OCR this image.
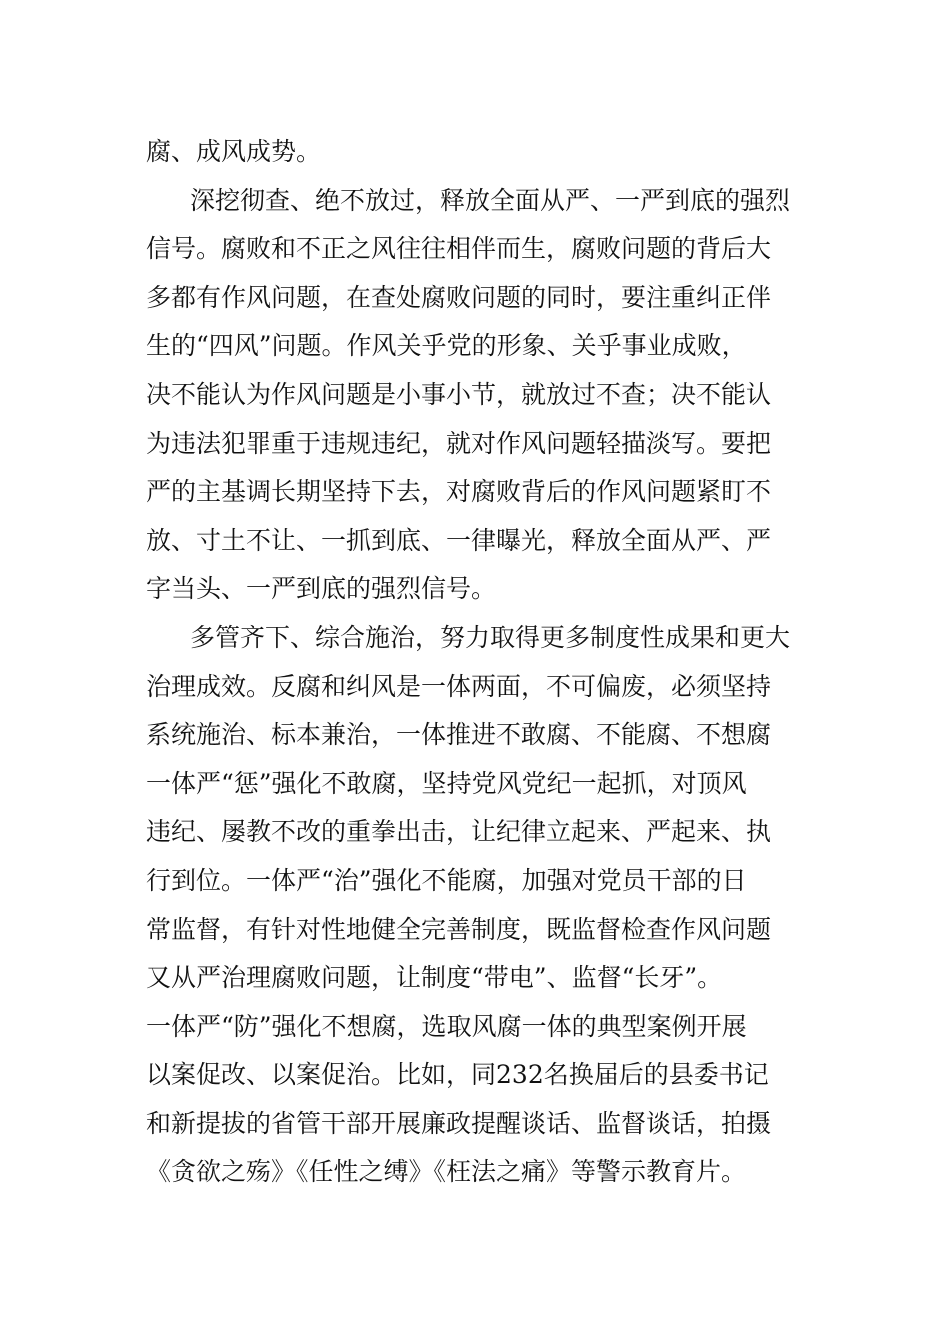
腐、成风成势。
深挖彻查、绝不放过，释放全面从严、一严到底的强烈
信号。腐败和不正之风往往相伴而生，腐败问题的背后大
多都有作风问题，在查处腐败问题的同时，要注重纠正伴
生的“四风”问题。作风关乎党的形象、关乎事业成败，
决不能认为作风问题是小事小节，就放过不查；决不能认
为违法犯罪重于违规违纪，就对作风问题轻描淡写。要把
严的主基调长期坚持下去，对腐败背后的作风问题紧盯不
放、寸土不让、一抓到底、一律曝光，释放全面从严、严
字当头、一严到底的强烈信号。
多管齐下、综合施治，努力取得更多制度性成果和更大
治理成效。反腐和纠风是一体两面，不可偏废，必须坚持
系统施治、标本兼治，一体推进不敢腐、不能腐、不想腐
一体严“惩”强化不敢腐，坚持党风党纪一起抓，对顶风
违纪、屡教不改的重拳出击，让纪律立起来、严起来、执
行到位。一体严“治”强化不能腐，加强对党员干部的日
常监督，有针对性地健全完善制度，既监督检查作风问题
又从严治理腐败问题，让制度“带电”、监督“长牙”。
一体严“防”强化不想腐，选取风腐一体的典型案例开展
以案促改、以案促治。比如，同232名换届后的县委书记
和新提拔的省管干部开展廉政提醒谈话、监督谈话，拍摄
《贪欲之殇》《任性之缚》《枉法之痛》等警示教育片。
